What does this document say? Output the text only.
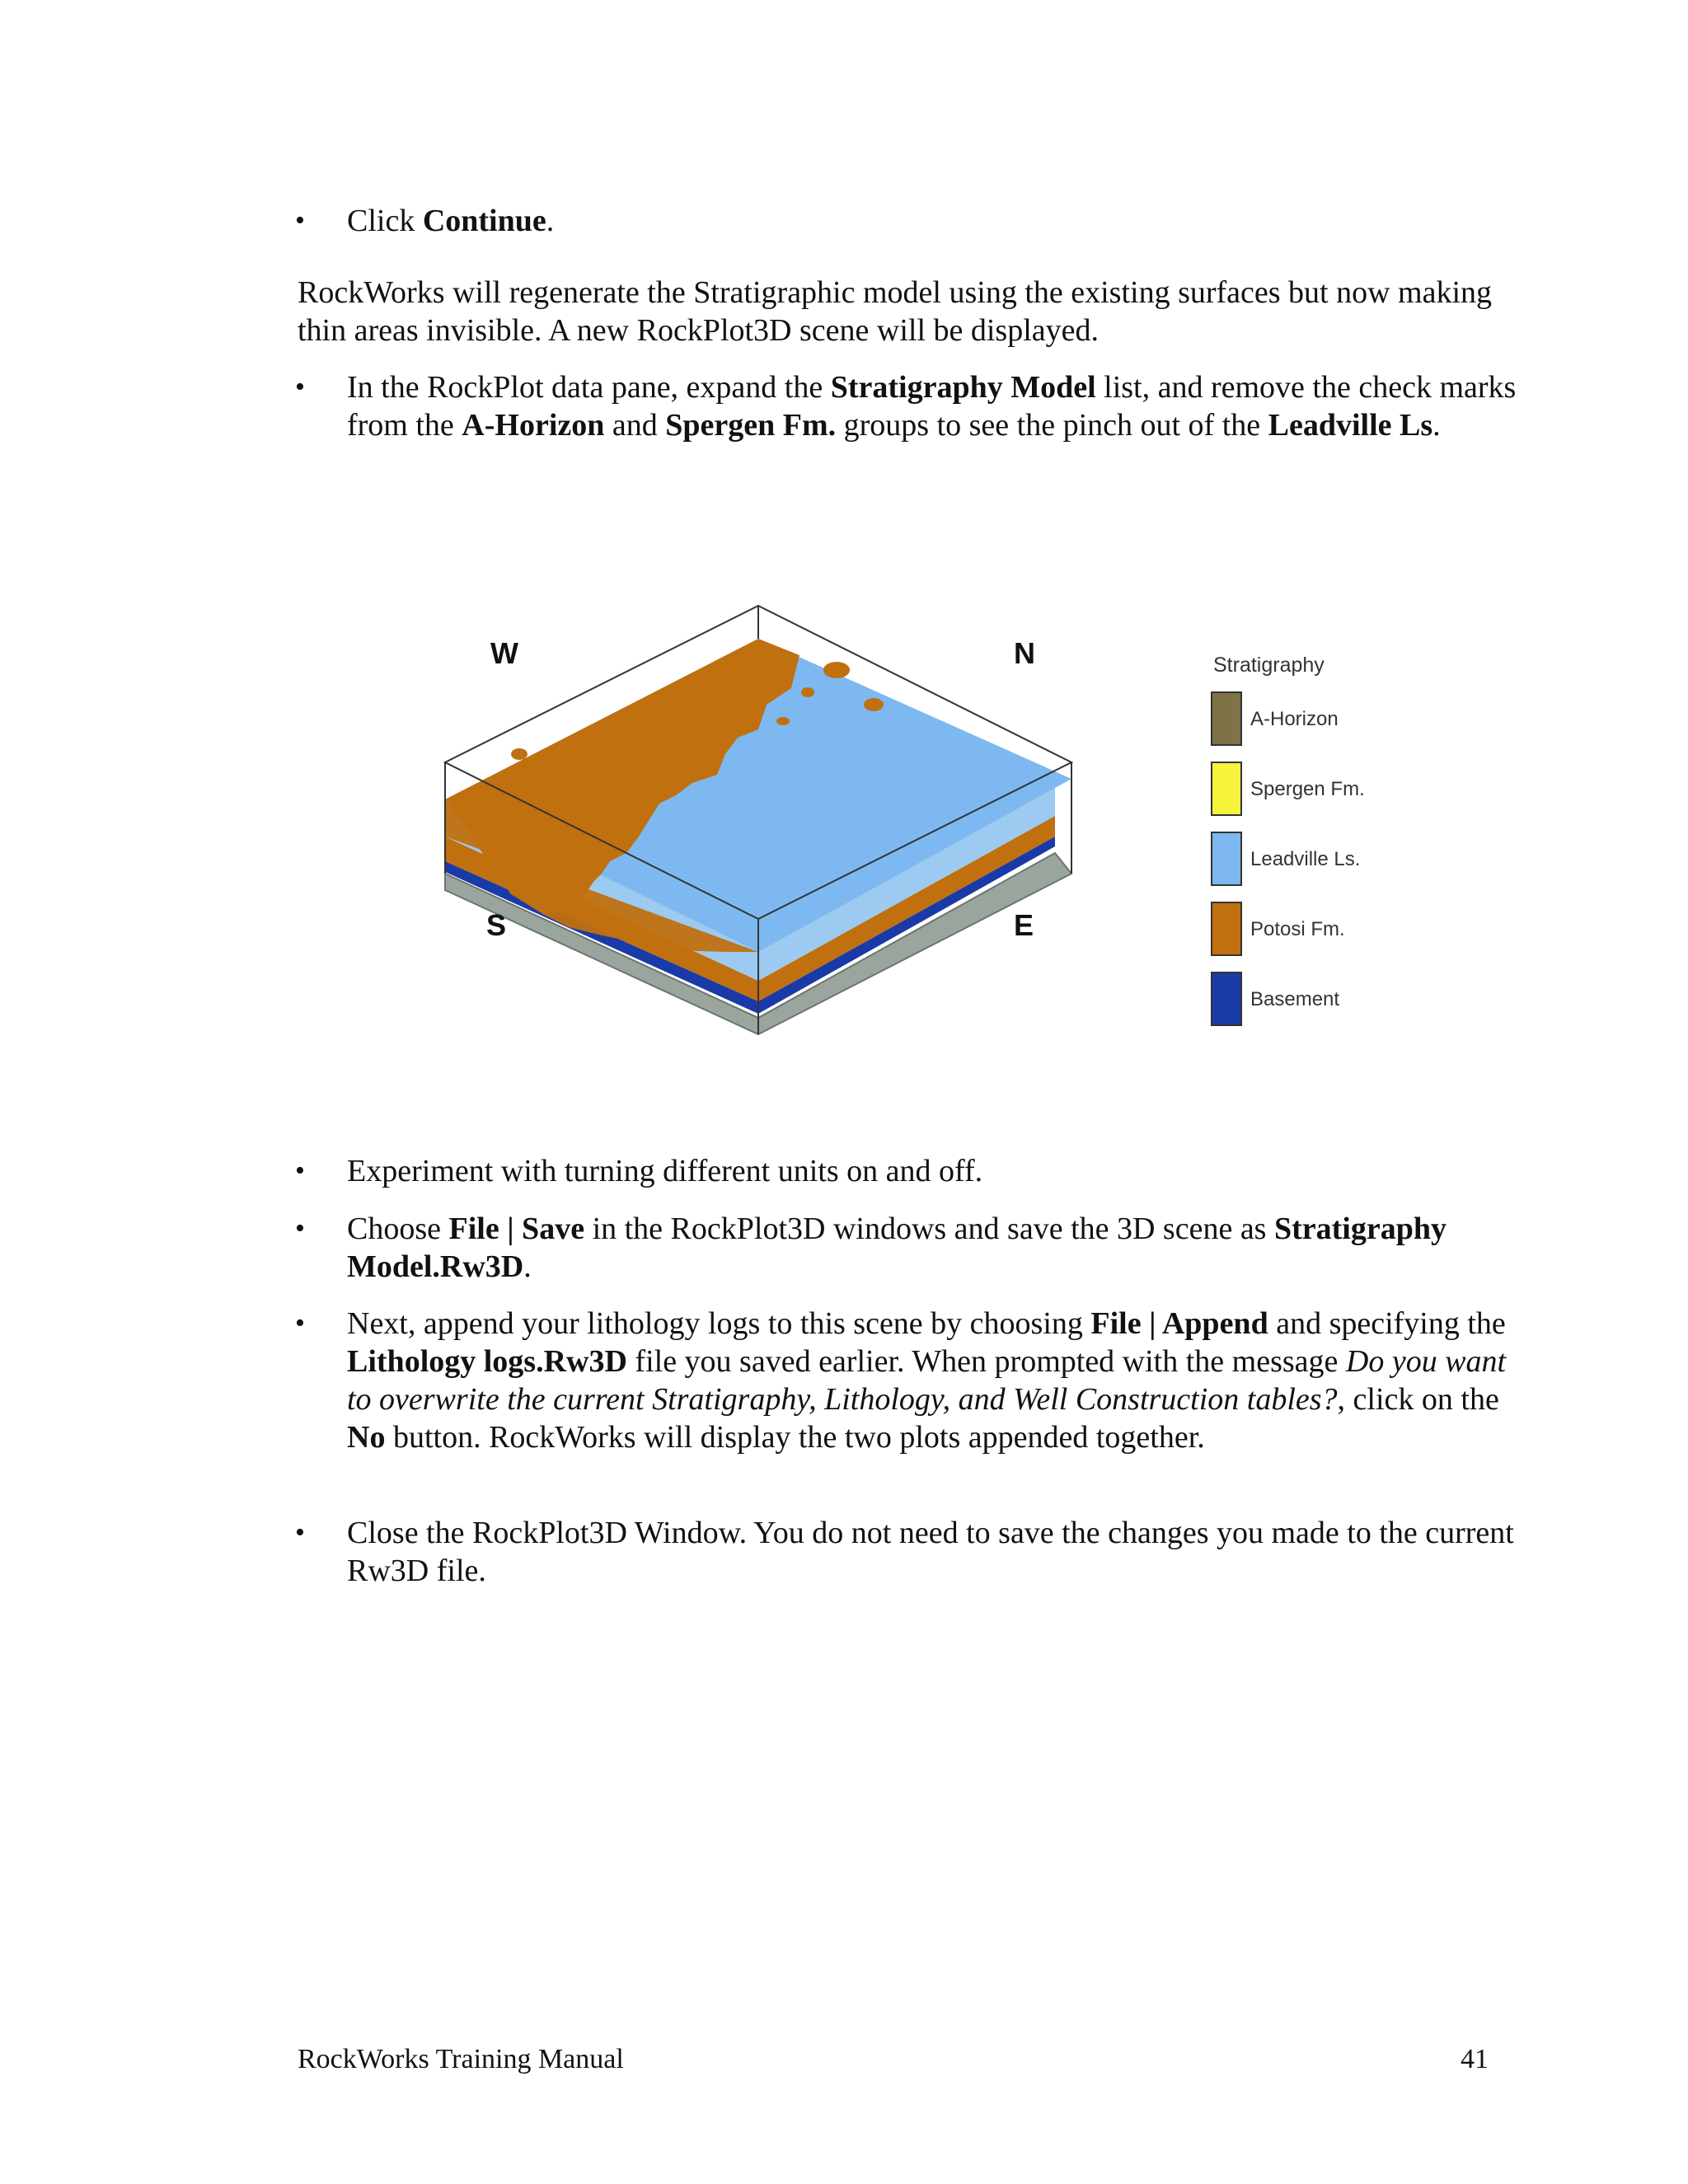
• Click Continue.
RockWorks will regenerate the Stratigraphic model using the existing surfaces but now making thin areas invisible. A new RockPlot3D scene will be displayed.
• In the RockPlot data pane, expand the Stratigraphy Model list, and remove the check marks from the A-Horizon and Spergen Fm. groups to see the pinch out of the Leadville Ls.
W	N
S	E
Stratigraphy
A-Horizon
Spergen Fm.
Leadville Ls.
Potosi Fm.
Basement
• Experiment with turning different units on and off.
• Choose File | Save in the RockPlot3D windows and save the 3D scene as Stratigraphy Model.Rw3D.
• Next, append your lithology logs to this scene by choosing File | Append and specifying the Lithology logs.Rw3D file you saved earlier. When prompted with the message Do you want to overwrite the current Stratigraphy, Lithology, and Well Construction tables?, click on the No button. RockWorks will display the two plots appended together.
• Close the RockPlot3D Window. You do not need to save the changes you made to the current Rw3D file.
RockWorks Training Manual	41
